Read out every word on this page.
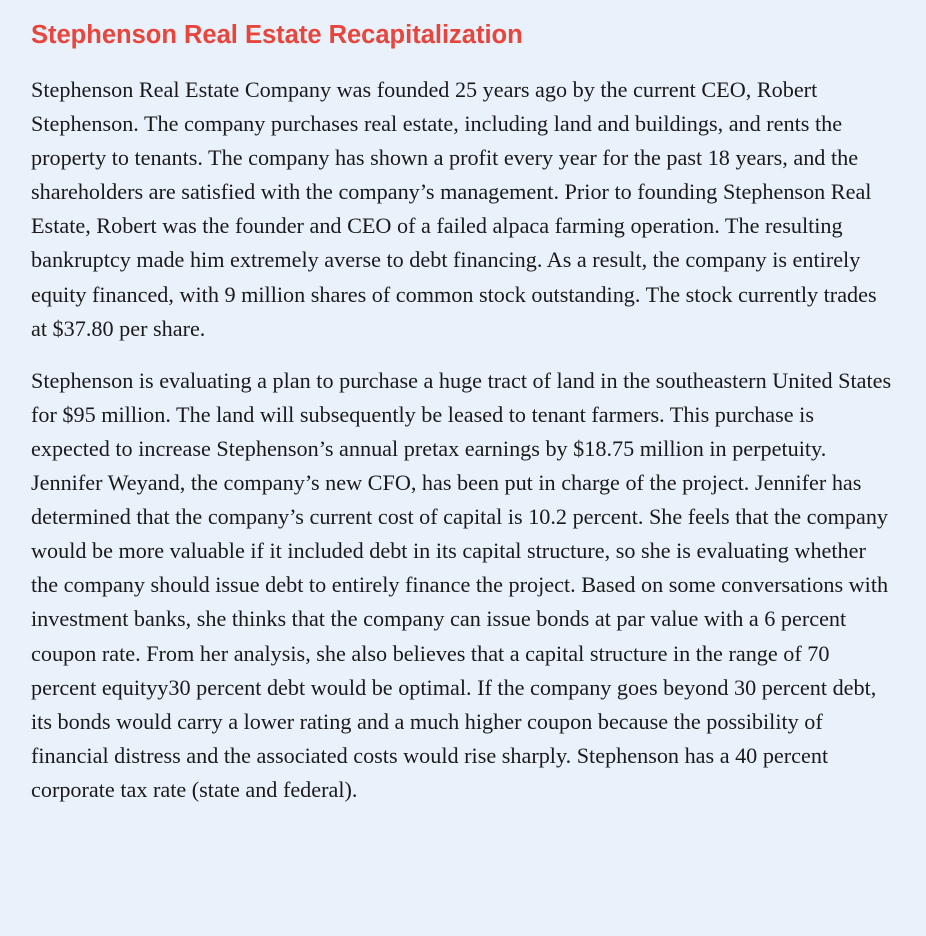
Stephenson Real Estate Recapitalization

Stephenson Real Estate Company was founded 25 years ago by the current CEO, Robert Stephenson. The company purchases real estate, including land and buildings, and rents the property to tenants. The company has shown a profit every year for the past 18 years, and the shareholders are satisfied with the company’s management. Prior to founding Stephenson Real Estate, Robert was the founder and CEO of a failed alpaca farming operation. The resulting bankruptcy made him extremely averse to debt financing. As a result, the company is entirely equity financed, with 9 million shares of common stock outstanding. The stock currently trades at $37.80 per share.

Stephenson is evaluating a plan to purchase a huge tract of land in the southeastern United States for $95 million. The land will subsequently be leased to tenant farmers. This purchase is expected to increase Stephenson’s annual pretax earnings by $18.75 million in perpetuity. Jennifer Weyand, the company’s new CFO, has been put in charge of the project. Jennifer has determined that the company’s current cost of capital is 10.2 percent. She feels that the company would be more valuable if it included debt in its capital structure, so she is evaluating whether the company should issue debt to entirely finance the project. Based on some conversations with investment banks, she thinks that the company can issue bonds at par value with a 6 percent coupon rate. From her analysis, she also believes that a capital structure in the range of 70 percent equityy30 percent debt would be optimal. If the company goes beyond 30 percent debt, its bonds would carry a lower rating and a much higher coupon because the possibility of financial distress and the associated costs would rise sharply. Stephenson has a 40 percent corporate tax rate (state and federal).
